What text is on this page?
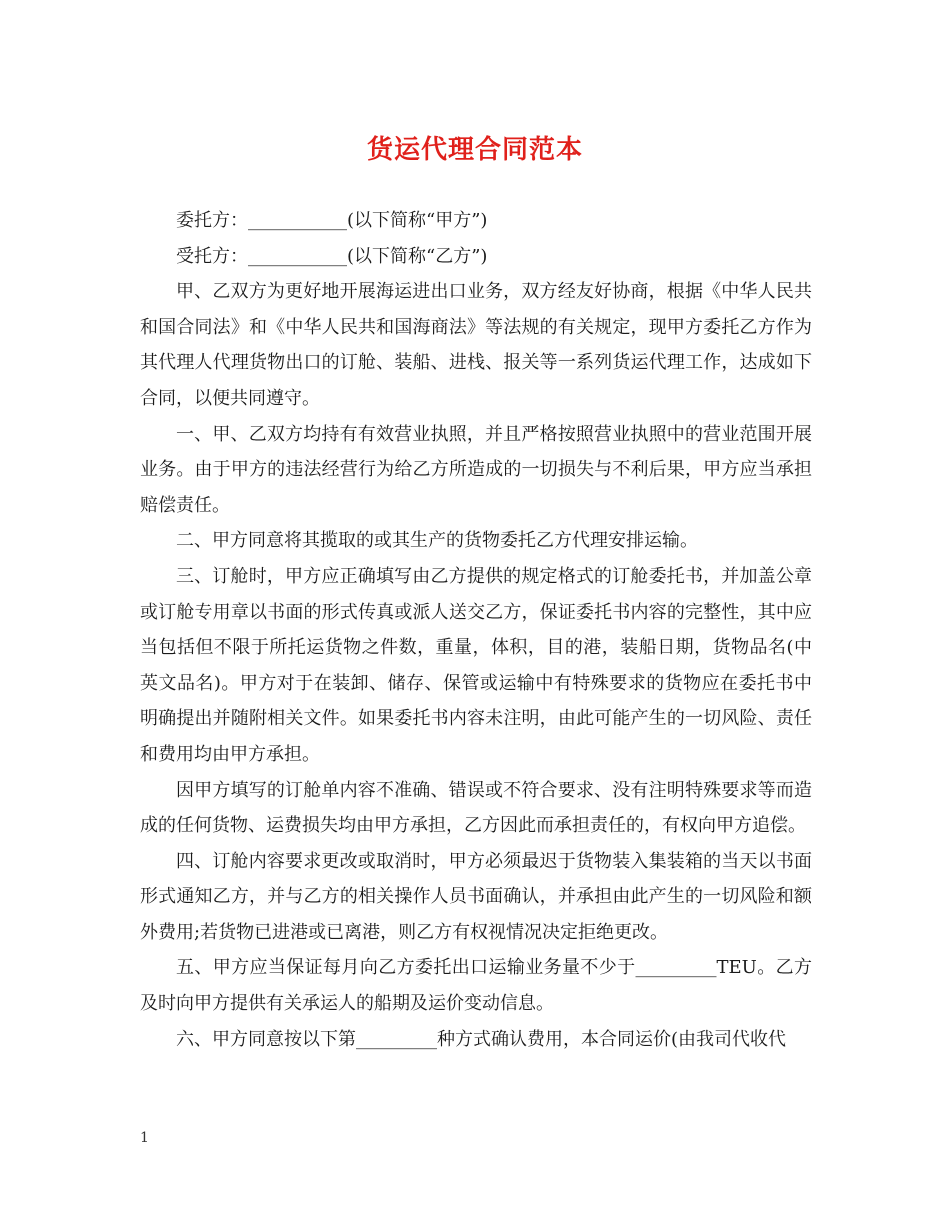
货运代理合同范本

委托方：___________(以下简称“甲方”)

受托方：___________(以下简称“乙方”)

甲、乙双方为更好地开展海运进出口业务，双方经友好协商，根据《中华人民共和国合同法》和《中华人民共和国海商法》等法规的有关规定，现甲方委托乙方作为其代理人代理货物出口的订舱、装船、进栈、报关等一系列货运代理工作，达成如下合同，以便共同遵守。

一、甲、乙双方均持有有效营业执照，并且严格按照营业执照中的营业范围开展业务。由于甲方的违法经营行为给乙方所造成的一切损失与不利后果，甲方应当承担赔偿责任。

二、甲方同意将其揽取的或其生产的货物委托乙方代理安排运输。

三、订舱时，甲方应正确填写由乙方提供的规定格式的订舱委托书，并加盖公章或订舱专用章以书面的形式传真或派人送交乙方，保证委托书内容的完整性，其中应当包括但不限于所托运货物之件数，重量，体积，目的港，装船日期，货物品名(中英文品名)。甲方对于在装卸、储存、保管或运输中有特殊要求的货物应在委托书中明确提出并随附相关文件。如果委托书内容未注明，由此可能产生的一切风险、责任和费用均由甲方承担。

因甲方填写的订舱单内容不准确、错误或不符合要求、没有注明特殊要求等而造成的任何货物、运费损失均由甲方承担，乙方因此而承担责任的，有权向甲方追偿。

四、订舱内容要求更改或取消时，甲方必须最迟于货物装入集装箱的当天以书面形式通知乙方，并与乙方的相关操作人员书面确认，并承担由此产生的一切风险和额外费用;若货物已进港或已离港，则乙方有权视情况决定拒绝更改。

五、甲方应当保证每月向乙方委托出口运输业务量不少于_________TEU。乙方及时向甲方提供有关承运人的船期及运价变动信息。

六、甲方同意按以下第_________种方式确认费用，本合同运价(由我司代收代

1
